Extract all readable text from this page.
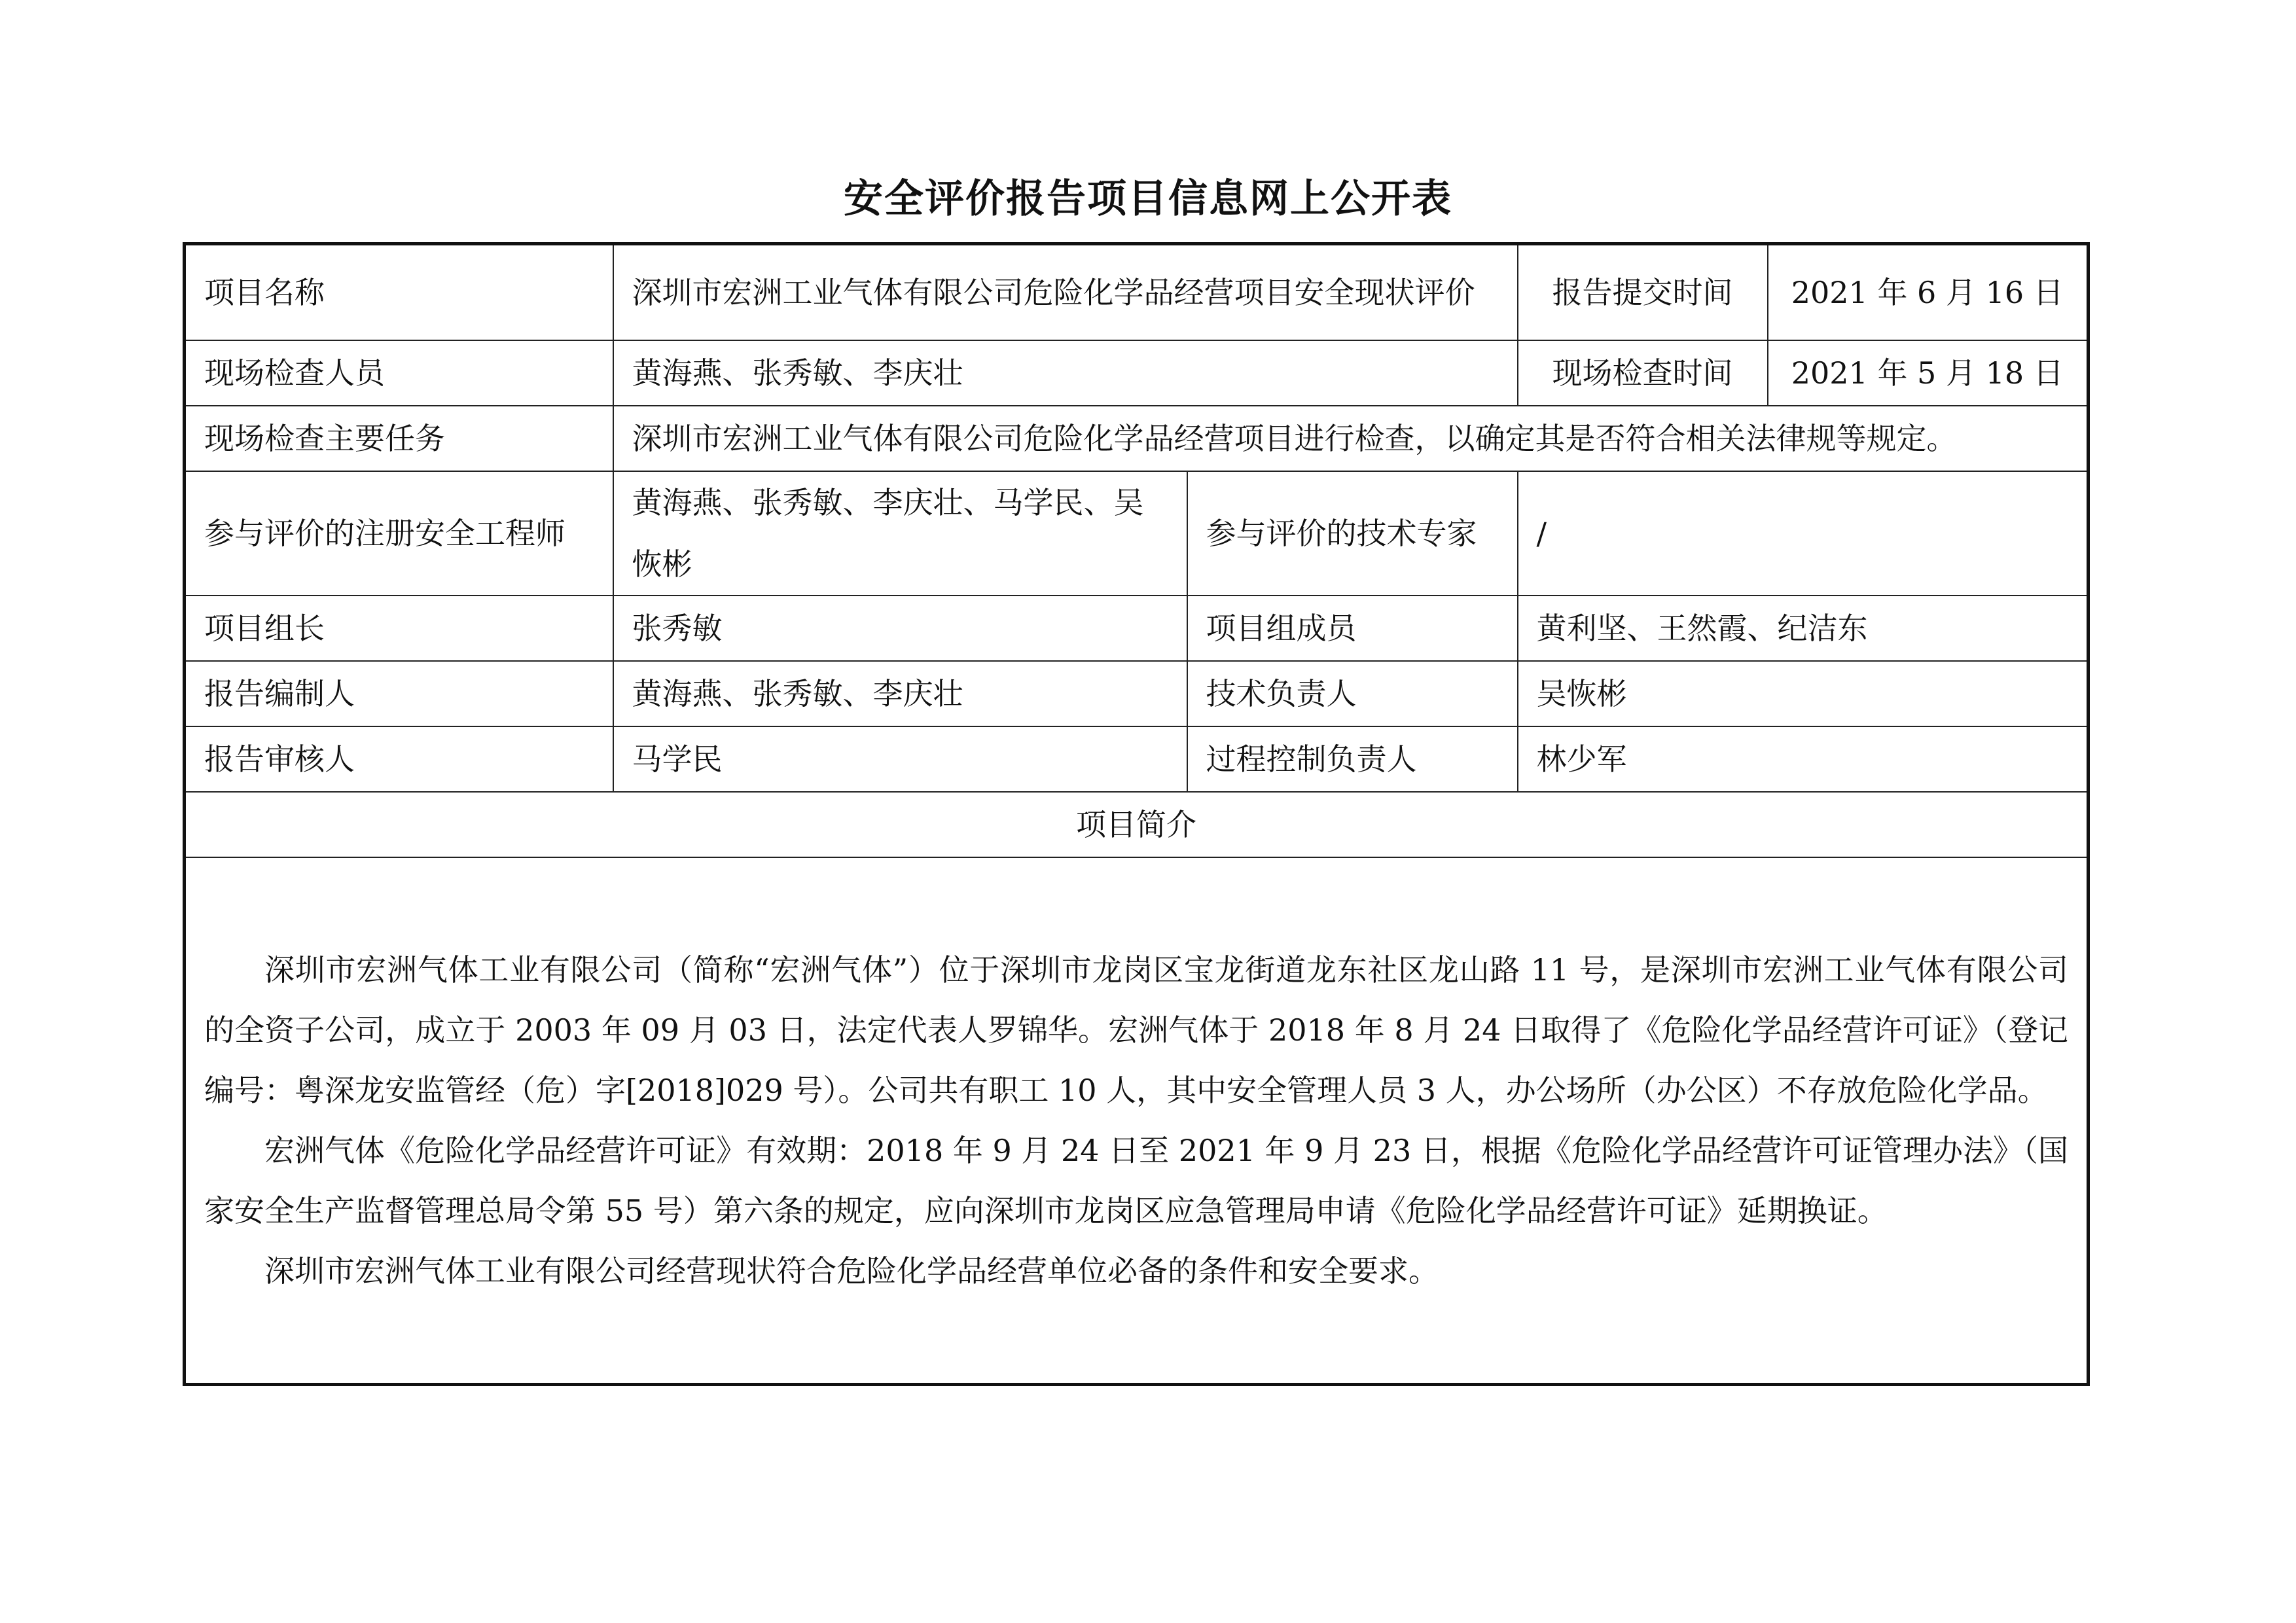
安全评价报告项目信息网上公开表
项目名称	深圳市宏洲工业气体有限公司危险化学品经营项目安全现状评价		报告提交时间	2021 年 6 月 16 日
现场检查人员	黄海燕、张秀敏、李庆壮		现场检查时间	2021 年 5 月 18 日
现场检查主要任务	深圳市宏洲工业气体有限公司危险化学品经营项目进行检查，以确定其是否符合相关法律规等规定。			
参与评价的注册安全工程师	黄海燕、张秀敏、李庆壮、马学民、吴恢彬	参与评价的技术专家	/	
项目组长	张秀敏	项目组成员	黄利坚、王然霞、纪洁东	
报告编制人	黄海燕、张秀敏、李庆壮	技术负责人	吴恢彬	
报告审核人	马学民	过程控制负责人	林少军	
项目简介				

深圳市宏洲气体工业有限公司（简称“宏洲气体”）位于深圳市龙岗区宝龙街道龙东社区龙山路 11 号，是深圳市宏洲工业气体有限公司的全资子公司，成立于 2003 年 09 月 03 日，法定代表人罗锦华。宏洲气体于 2018 年 8 月 24 日取得了《危险化学品经营许可证》（登记编号：粤深龙安监管经（危）字[2018]029 号）。公司共有职工 10 人，其中安全管理人员 3 人，办公场所（办公区）不存放危险化学品。

宏洲气体《危险化学品经营许可证》有效期：2018 年 9 月 24 日至 2021 年 9 月 23 日，根据《危险化学品经营许可证管理办法》（国家安全生产监督管理总局令第 55 号）第六条的规定，应向深圳市龙岗区应急管理局申请《危险化学品经营许可证》延期换证。

深圳市宏洲气体工业有限公司经营现状符合危险化学品经营单位必备的条件和安全要求。				
